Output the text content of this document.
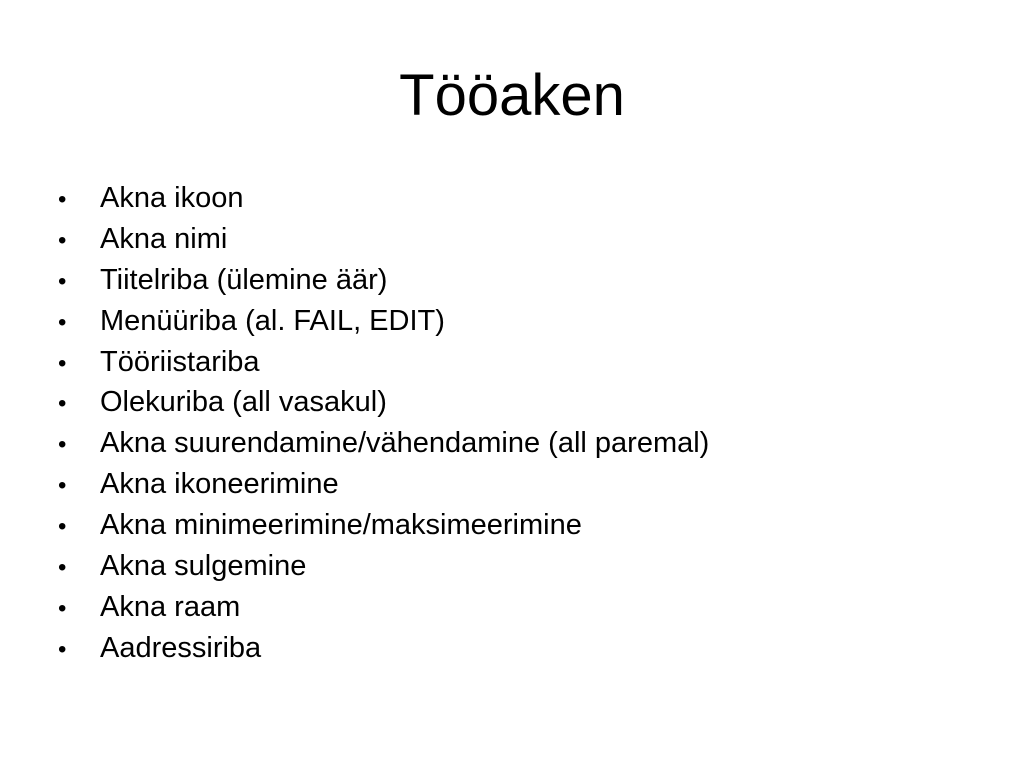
Tööaken
•	Akna ikoon
•	Akna nimi
•	Tiitelriba (ülemine äär)
•	Menüüriba (al. FAIL, EDIT)
•	Tööriistariba
•	Olekuriba (all vasakul)
•	Akna suurendamine/vähendamine (all paremal)
•	Akna ikoneerimine
•	Akna minimeerimine/maksimeerimine
•	Akna sulgemine
•	Akna raam
•	Aadressiriba
